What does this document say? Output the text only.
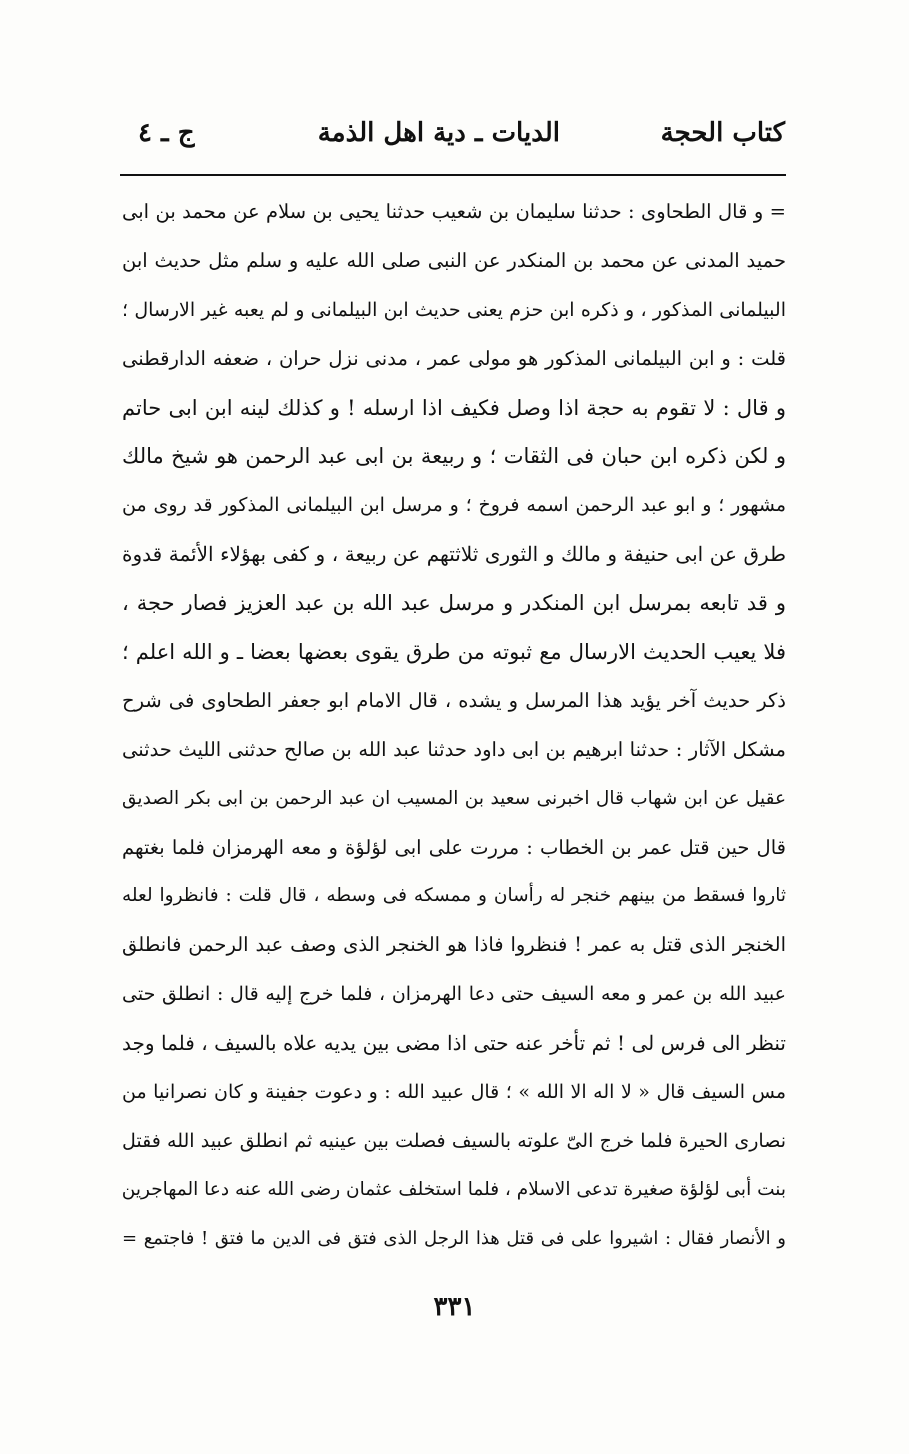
كتاب الحجة
الديات ـ دية اهل الذمة
ج ـ ٤
= و قال الطحاوی : حدثنا سلیمان بن شعیب حدثنا یحیی بن سلام عن محمد بن ابی
حمید المدنی عن محمد بن المنکدر عن النبی صلی الله علیه و سلم مثل حدیث ابن
البیلمانی المذکور ، و ذکره ابن حزم یعنی حدیث ابن البیلمانی و لم یعبه غیر الارسال ؛
قلت : و ابن البیلمانی المذکور هو مولی عمر ، مدنی نزل حران ، ضعفه الدارقطنی
و قال : لا تقوم به حجة اذا وصل فکیف اذا ارسله ! و کذلك لینه ابن ابی حاتم
و لکن ذکره ابن حبان فی الثقات ؛ و ربیعة بن ابی عبد الرحمن هو شیخ مالك
مشهور ؛ و ابو عبد الرحمن اسمه فروخ ؛ و مرسل ابن البیلمانی المذکور قد روی من
طرق عن ابی حنیفة و مالك و الثوری ثلاثتهم عن ربیعة ، و کفی بهؤلاء الأئمة قدوة
و قد تابعه بمرسل ابن المنکدر و مرسل عبد الله بن عبد العزیز فصار حجة ،
فلا یعیب الحدیث الارسال مع ثبوته من طرق یقوی بعضها بعضا ـ و الله اعلم ؛
ذکر حدیث آخر یؤید هذا المرسل و یشده ، قال الامام ابو جعفر الطحاوی فی شرح
مشکل الآثار : حدثنا ابرهیم بن ابی داود حدثنا عبد الله بن صالح حدثنی اللیث حدثنی
عقیل عن ابن شهاب قال اخبرنی سعید بن المسیب ان عبد الرحمن بن ابی بکر الصدیق
قال حین قتل عمر بن الخطاب : مررت علی ابی لؤلؤة و معه الهرمزان فلما بغتهم
ثاروا فسقط من بینهم خنجر له رأسان و ممسکه فی وسطه ، قال قلت : فانظروا لعله
الخنجر الذی قتل به عمر ! فنظروا فاذا هو الخنجر الذی وصف عبد الرحمن فانطلق
عبید الله بن عمر و معه السیف حتی دعا الهرمزان ، فلما خرج إلیه قال : انطلق حتی
تنظر الی فرس لی ! ثم تأخر عنه حتی اذا مضی بین یدیه علاه بالسیف ، فلما وجد
مس السیف قال « لا اله الا الله » ؛ قال عبید الله : و دعوت جفینة و کان نصرانیا من
نصاری الحیرة فلما خرج الیّ علوته بالسیف فصلت بین عینیه ثم انطلق عبید الله فقتل
بنت أبی لؤلؤة صغیرة تدعی الاسلام ، فلما استخلف عثمان رضی الله عنه دعا المهاجرین
و الأنصار فقال : اشیروا علی فی قتل هذا الرجل الذی فتق فی الدین ما فتق ! فاجتمع =
٣٣١
